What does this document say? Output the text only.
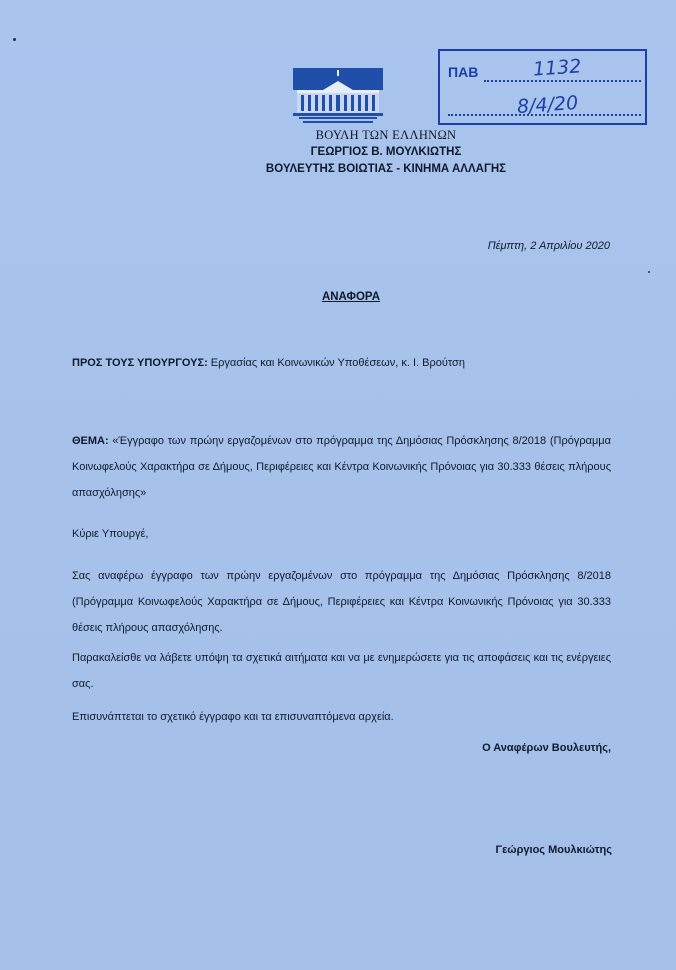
ΒΟΥΛΗ ΤΩΝ ΕΛΛΗΝΩΝ
ΓΕΩΡΓΙΟΣ Β. ΜΟΥΛΚΙΩΤΗΣ
ΒΟΥΛΕΥΤΗΣ ΒΟΙΩΤΙΑΣ - ΚΙΝΗΜΑ ΑΛΛΑΓΗΣ
ΠΑΒ	1132
8/4/20
Πέμπτη, 2 Απριλίου 2020
ΑΝΑΦΟΡΑ
ΠΡΟΣ ΤΟΥΣ ΥΠΟΥΡΓΟΥΣ: Εργασίας και Κοινωνικών Υποθέσεων, κ. Ι. Βρούτση
ΘΕΜΑ: «Έγγραφο των πρώην εργαζομένων στο πρόγραμμα της Δημόσιας Πρόσκλησης 8/2018 (Πρόγραμμα Κοινωφελούς Χαρακτήρα σε Δήμους, Περιφέρειες και Κέντρα Κοινωνικής Πρόνοιας για 30.333 θέσεις πλήρους απασχόλησης»
Κύριε Υπουργέ,
Σας αναφέρω έγγραφο των πρώην εργαζομένων στο πρόγραμμα της Δημόσιας Πρόσκλησης 8/2018 (Πρόγραμμα Κοινωφελούς Χαρακτήρα σε Δήμους, Περιφέρειες και Κέντρα Κοινωνικής Πρόνοιας για 30.333 θέσεις πλήρους απασχόλησης.
Παρακαλείσθε να λάβετε υπόψη τα σχετικά αιτήματα και να με ενημερώσετε για τις αποφάσεις και τις ενέργειες σας.
Επισυνάπτεται το σχετικό έγγραφο και τα επισυναπτόμενα αρχεία.
Ο Αναφέρων Βουλευτής,
Γεώργιος Μουλκιώτης
